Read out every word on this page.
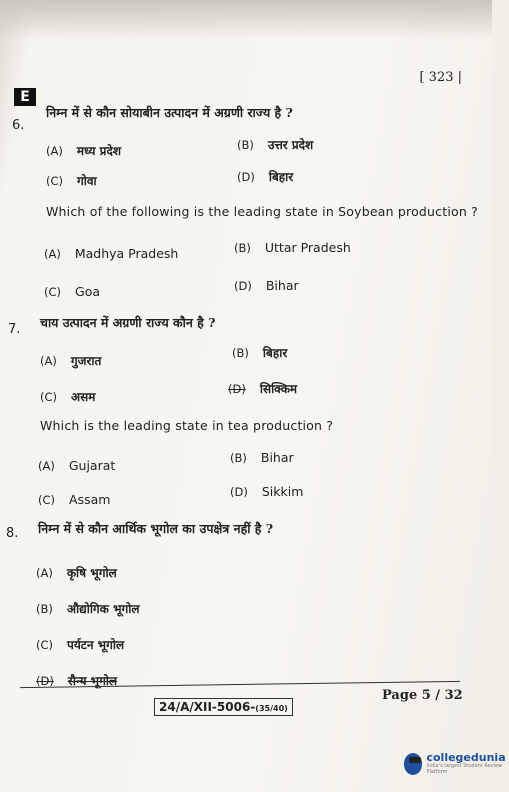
[ 323 |
E
6.
निम्न में से कौन सोयाबीन उत्पादन में अग्रणी राज्य है ?
(A) मध्य प्रदेश	(B) उत्तर प्रदेश
(C) गोवा	(D) बिहार
Which of the following is the leading state in Soybean production ?
(A) Madhya Pradesh	(B) Uttar Pradesh
(C) Goa	(D) Bihar
7. चाय उत्पादन में अग्रणी राज्य कौन है ?
(A) गुजरात
(B) बिहार
(C) असम
(D) सिक्किम
Which is the leading state in tea production ?
(A) Gujarat	(B) Bihar
(C) Assam	(D) Sikkim
8. निम्न में से कौन आर्थिक भूगोल का उपक्षेत्र नहीं है ?
(A) कृषि भूगोल
(B) औद्योगिक भूगोल
(C) पर्यटन भूगोल
(D) सैन्य भूगोल
24/A/XII-5006-(35/40)
Page 5 / 32
collegedunia
India's largest Student Review Platform
